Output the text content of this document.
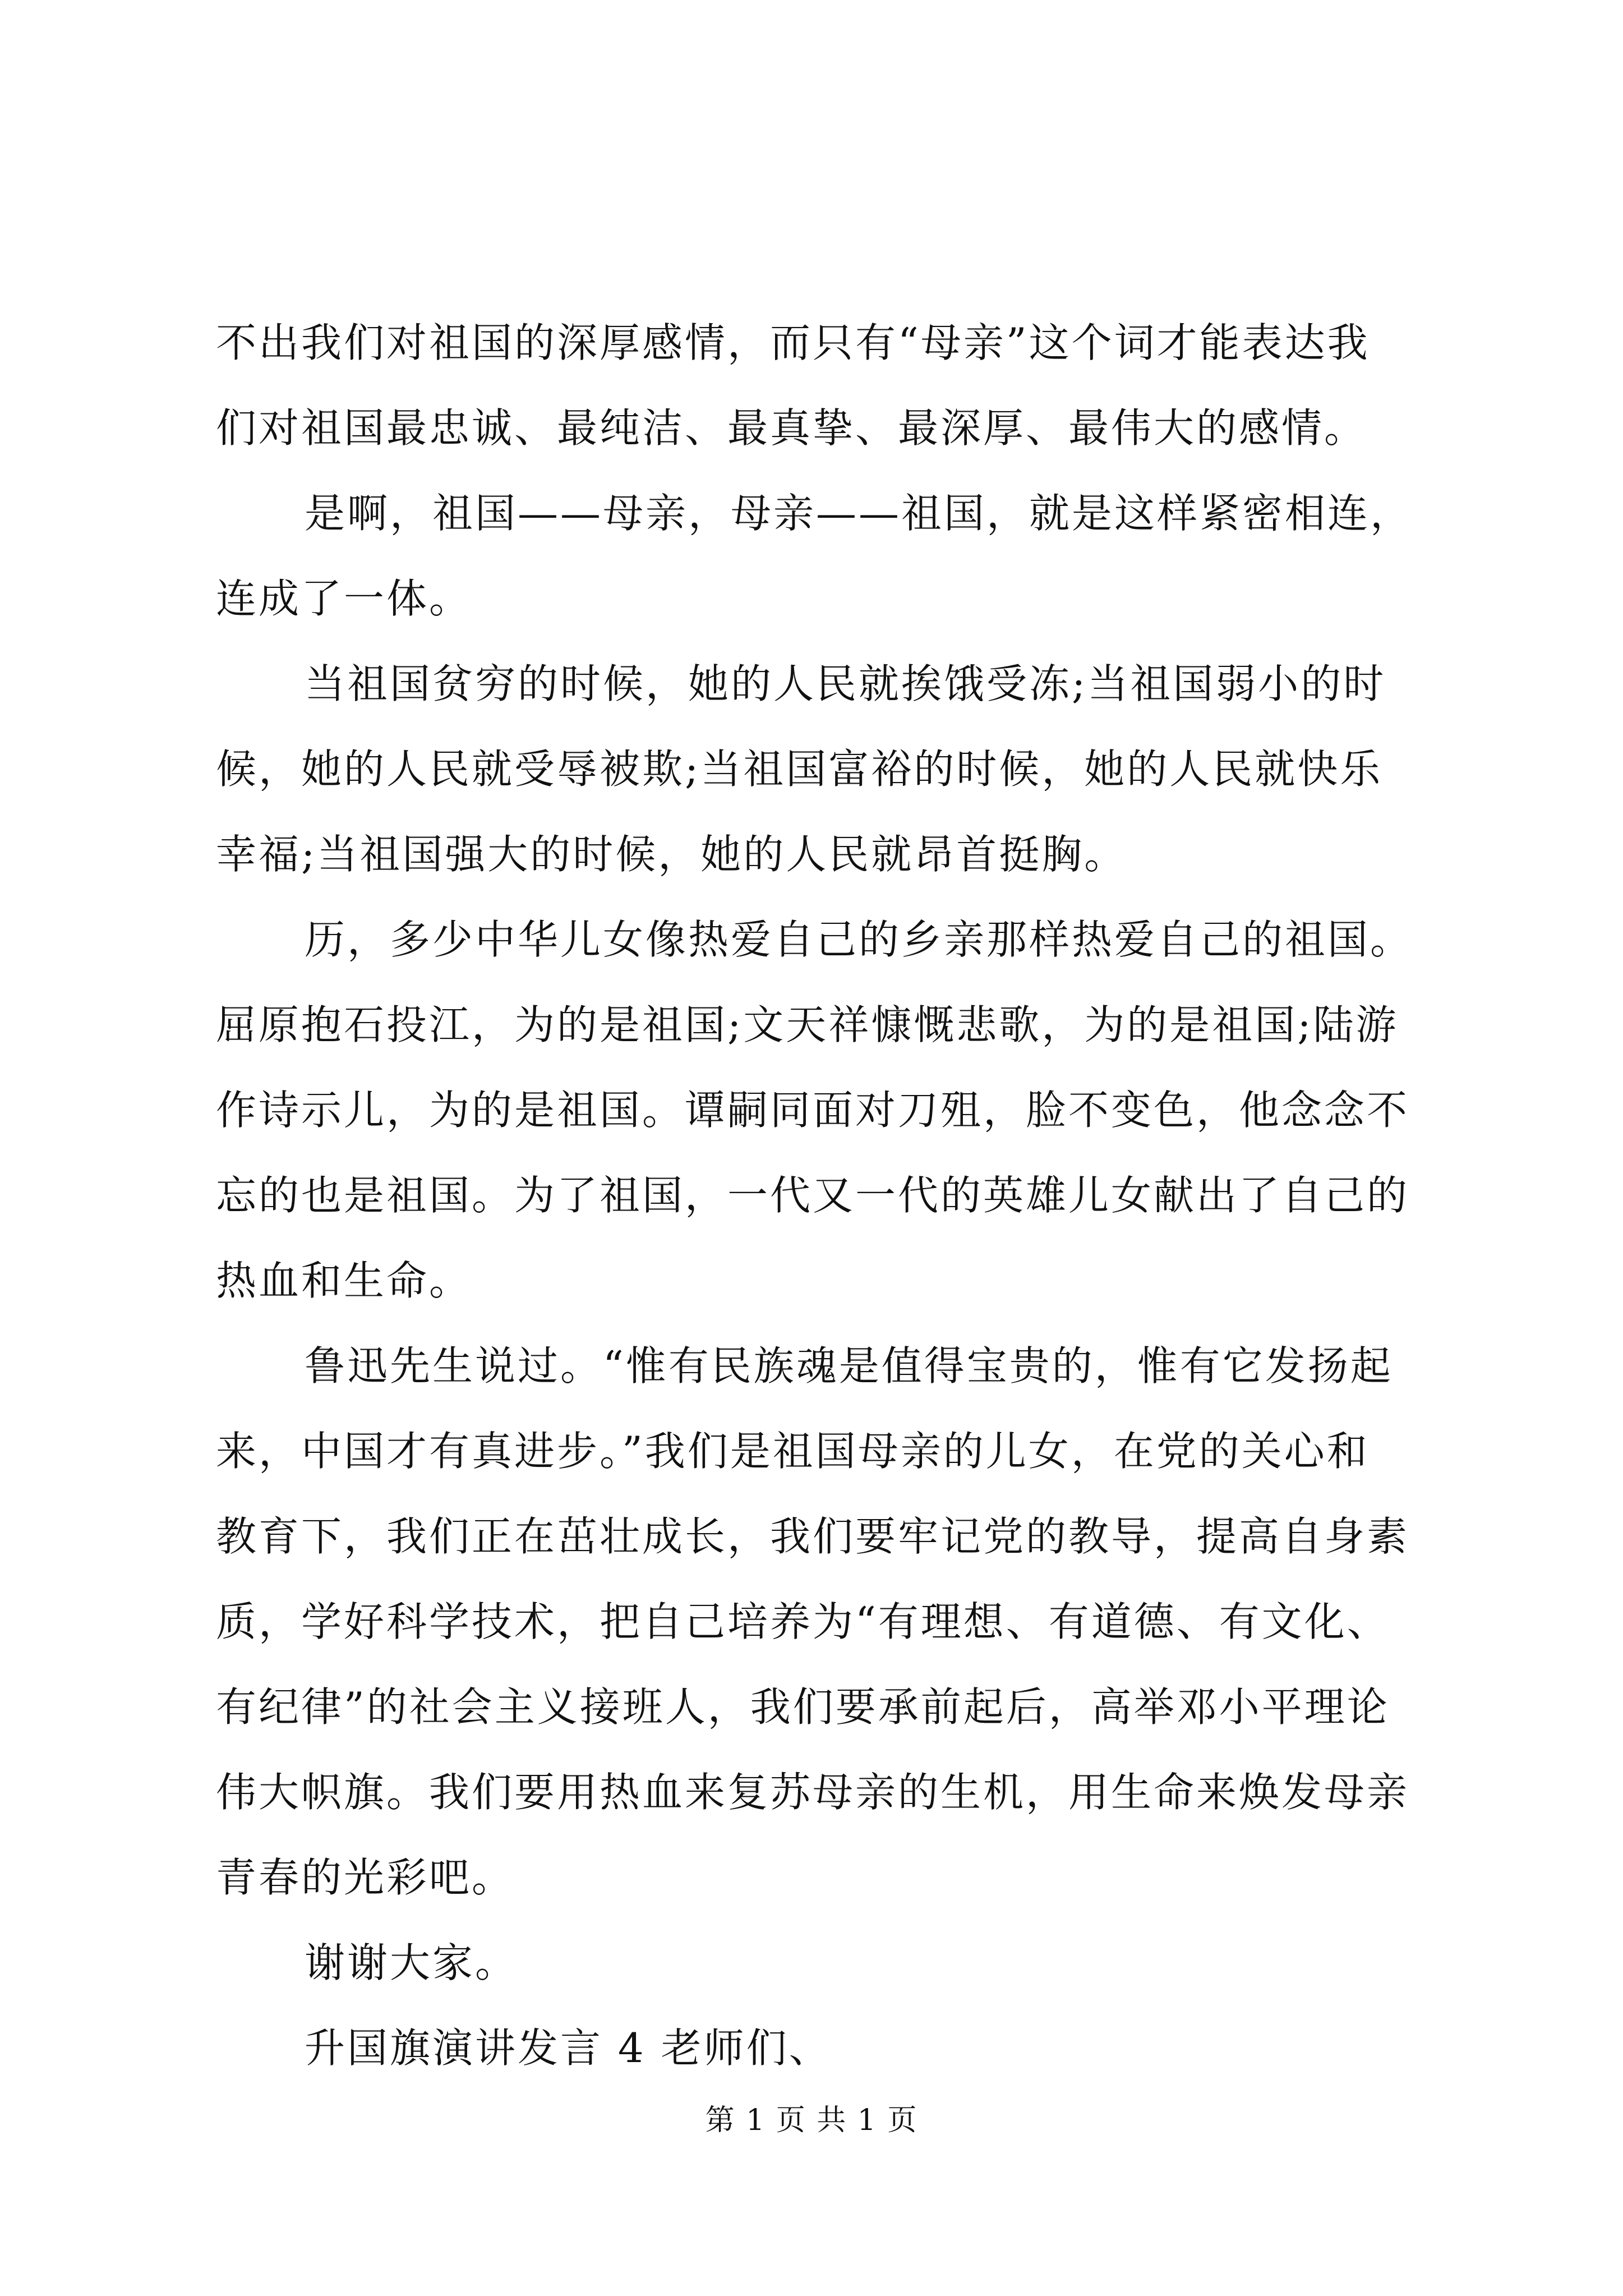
不出我们对祖国的深厚感情，而只有“母亲”这个词才能表达我
们对祖国最忠诚、最纯洁、最真挚、最深厚、最伟大的感情。
是啊，祖国——母亲，母亲——祖国，就是这样紧密相连，
连成了一体。
当祖国贫穷的时候，她的人民就挨饿受冻;当祖国弱小的时
候，她的人民就受辱被欺;当祖国富裕的时候，她的人民就快乐
幸福;当祖国强大的时候，她的人民就昂首挺胸。
历，多少中华儿女像热爱自己的乡亲那样热爱自己的祖国。
屈原抱石投江，为的是祖国;文天祥慷慨悲歌，为的是祖国;陆游
作诗示儿，为的是祖国。谭嗣同面对刀殂，脸不变色，他念念不
忘的也是祖国。为了祖国，一代又一代的英雄儿女献出了自己的
热血和生命。
鲁迅先生说过。“惟有民族魂是值得宝贵的，惟有它发扬起
来，中国才有真进步。”我们是祖国母亲的儿女，在党的关心和
教育下，我们正在茁壮成长，我们要牢记党的教导，提高自身素
质，学好科学技术，把自己培养为“有理想、有道德、有文化、
有纪律”的社会主义接班人，我们要承前起后，高举邓小平理论
伟大帜旗。我们要用热血来复苏母亲的生机，用生命来焕发母亲
青春的光彩吧。
谢谢大家。
升国旗演讲发言 4 老师们、
第 1 页 共 1 页
